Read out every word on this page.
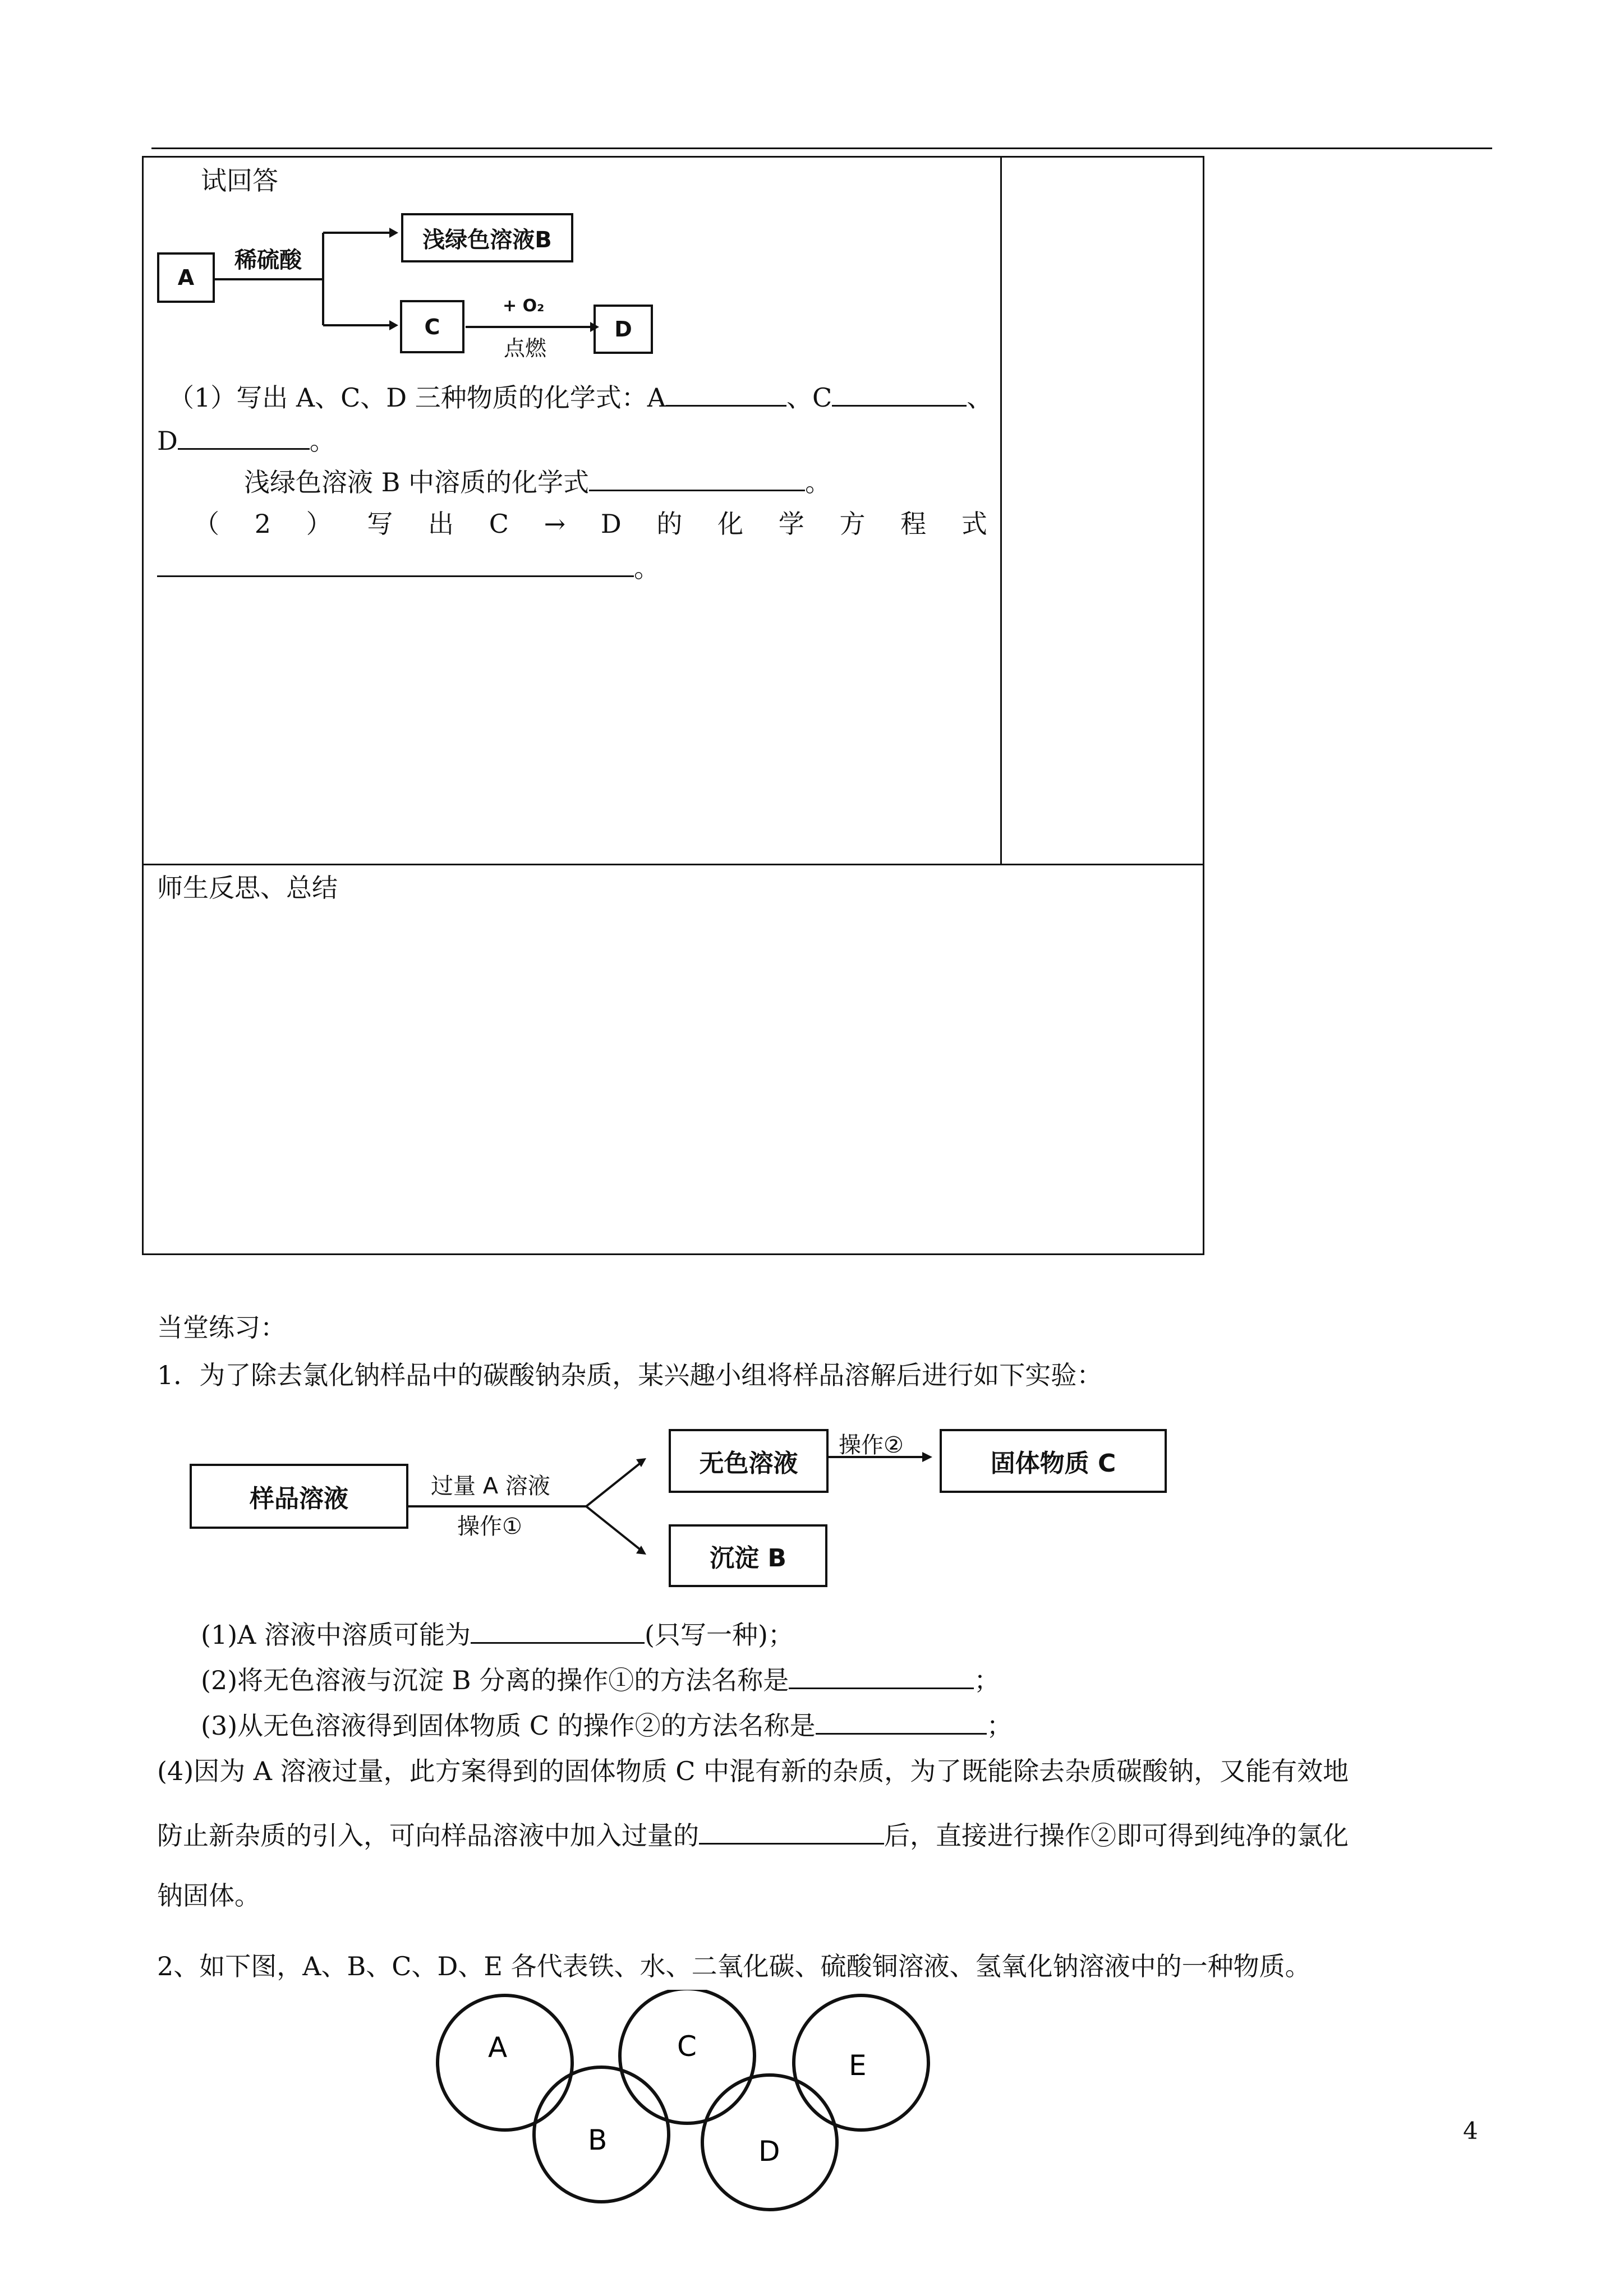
试回答
A
稀硫酸
浅绿色溶液B
C
+ O₂
点燃
D
（1）写出 A、C、D 三种物质的化学式：A	、C	、
D	。
浅绿色溶液 B 中溶质的化学式	。
（ 2 ） 写 出 C → D 的 化 学 方 程 式
。
师生反思、总结
当堂练习：
1．为了除去氯化钠样品中的碳酸钠杂质，某兴趣小组将样品溶解后进行如下实验：
样品溶液	过量 A 溶液
操作①
无色溶液
操作②
固体物质 C
沉淀 B
(1)A 溶液中溶质可能为	(只写一种)；
(2)将无色溶液与沉淀 B 分离的操作①的方法名称是	；
(3)从无色溶液得到固体物质 C 的操作②的方法名称是	；
(4)因为 A 溶液过量，此方案得到的固体物质 C 中混有新的杂质，为了既能除去杂质碳酸钠，又能有效地
防止新杂质的引入，可向样品溶液中加入过量的	后，直接进行操作②即可得到纯净的氯化
钠固体。
2、如下图，A、B、C、D、E 各代表铁、水、二氧化碳、硫酸铜溶液、氢氧化钠溶液中的一种物质。
A
B
C
D
E
4
